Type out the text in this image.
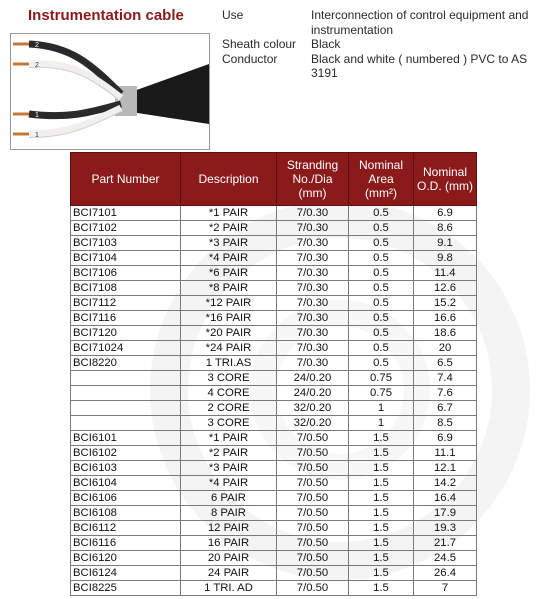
Instrumentation cable
2
2
1
1
Use	Interconnection of control equipment and instrumentation
Sheath colour	Black
Conductor	Black and white ( numbered ) PVC to AS 3191
Part Number	Description	Stranding No./Dia (mm)	Nominal Area (mm²)	Nominal O.D. (mm)
BCI7101	*1 PAIR	7/0.30	0.5	6.9
BCI7102	*2 PAIR	7/0.30	0.5	8.6
BCI7103	*3 PAIR	7/0.30	0.5	9.1
BCI7104	*4 PAIR	7/0.30	0.5	9.8
BCI7106	*6 PAIR	7/0.30	0.5	11.4
BCI7108	*8 PAIR	7/0.30	0.5	12.6
BCI7112	*12 PAIR	7/0.30	0.5	15.2
BCI7116	*16 PAIR	7/0.30	0.5	16.6
BCI7120	*20 PAIR	7/0.30	0.5	18.6
BCI71024	*24 PAIR	7/0.30	0.5	20
BCI8220	1 TRI.AS	7/0.30	0.5	6.5
	3 CORE	24/0.20	0.75	7.4
	4 CORE	24/0.20	0.75	7.6
	2 CORE	32/0.20	1	6.7
	3 CORE	32/0.20	1	8.5
BCI6101	*1 PAIR	7/0.50	1.5	6.9
BCI6102	*2 PAIR	7/0.50	1.5	11.1
BCI6103	*3 PAIR	7/0.50	1.5	12.1
BCI6104	*4 PAIR	7/0.50	1.5	14.2
BCI6106	6 PAIR	7/0.50	1.5	16.4
BCI6108	8 PAIR	7/0.50	1.5	17.9
BCI6112	12 PAIR	7/0.50	1.5	19.3
BCI6116	16 PAIR	7/0.50	1.5	21.7
BCI6120	20 PAIR	7/0.50	1.5	24.5
BCI6124	24 PAIR	7/0.50	1.5	26.4
BCI8225	1 TRI. AD	7/0.50	1.5	7
